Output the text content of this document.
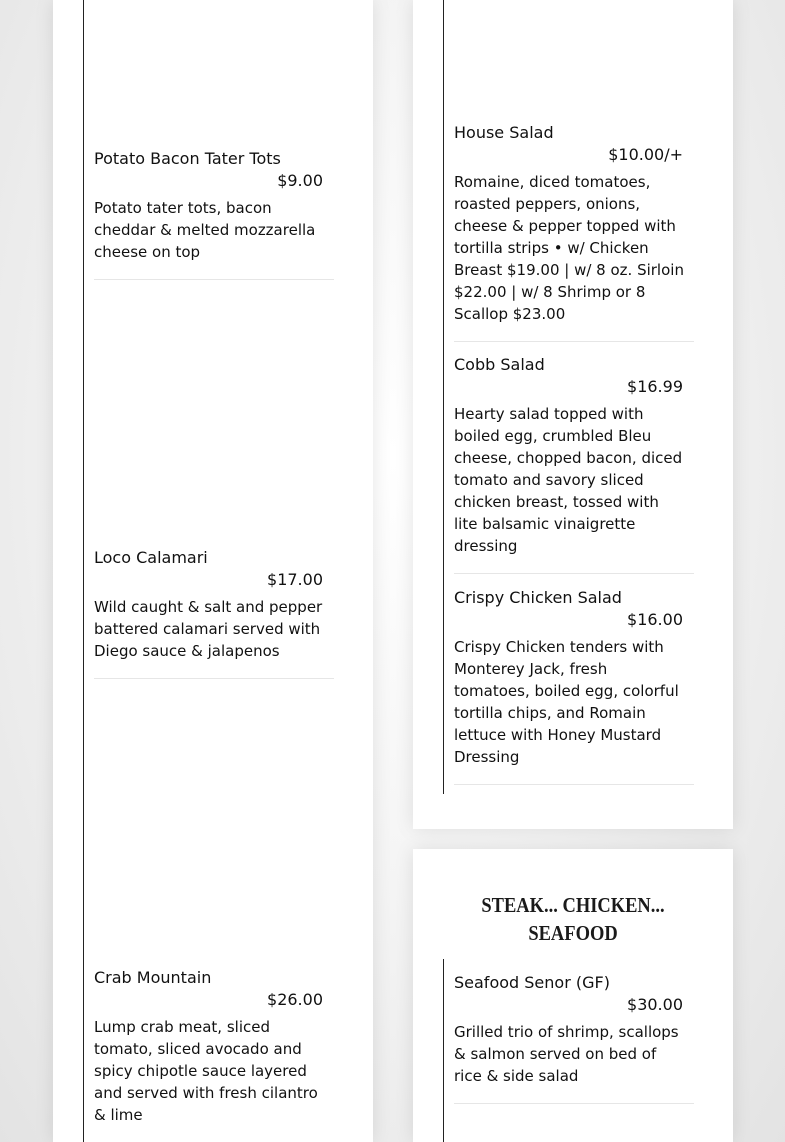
Potato Bacon Tater Tots
$9.00
Potato tater tots, bacon cheddar & melted mozzarella cheese on top
Loco Calamari
$17.00
Wild caught & salt and pepper battered calamari served with Diego sauce & jalapenos
Crab Mountain
$26.00
Lump crab meat, sliced tomato, sliced avocado and spicy chipotle sauce layered and served with fresh cilantro & lime
House Salad
$10.00/+
Romaine, diced tomatoes, roasted peppers, onions, cheese & pepper topped with tortilla strips • w/ Chicken Breast $19.00 | w/ 8 oz. Sirloin $22.00 | w/ 8 Shrimp or 8 Scallop $23.00
Cobb Salad
$16.99
Hearty salad topped with boiled egg, crumbled Bleu cheese, chopped bacon, diced tomato and savory sliced chicken breast, tossed with lite balsamic vinaigrette dressing
Crispy Chicken Salad
$16.00
Crispy Chicken tenders with Monterey Jack, fresh tomatoes, boiled egg, colorful tortilla chips, and Romain lettuce with Honey Mustard Dressing
STEAK... CHICKEN...
SEAFOOD
Seafood Senor (GF)
$30.00
Grilled trio of shrimp, scallops & salmon served on bed of rice & side salad
